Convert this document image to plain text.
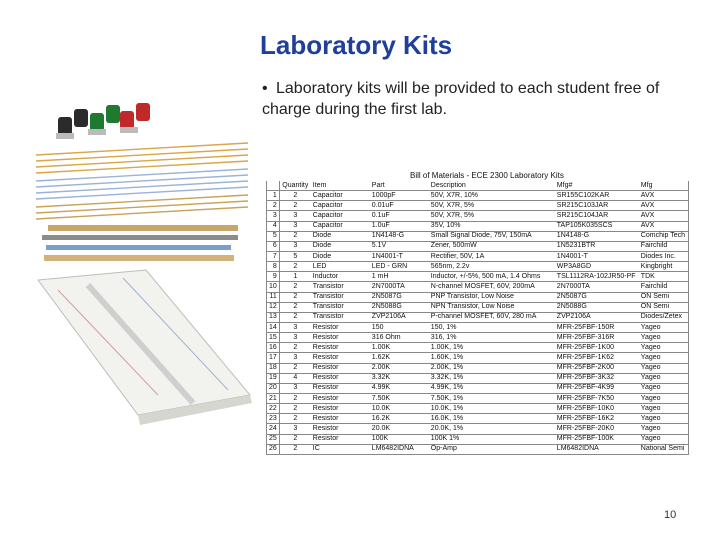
Laboratory Kits
• Laboratory kits will be provided to each student free of charge during the first lab.
Bill of Materials - ECE 2300 Laboratory Kits
	Quantity	Item	Part	Description	Mfg#	Mfg
1	2	Capacitor	1000pF	50V, X7R, 10%	SR155C102KAR	AVX
2	2	Capacitor	0.01uF	50V, X7R, 5%	SR215C103JAR	AVX
3	3	Capacitor	0.1uF	50V, X7R, 5%	SR215C104JAR	AVX
4	3	Capacitor	1.0uF	35V, 10%	TAP105K035SCS	AVX
5	2	Diode	1N4148-G	Small Signal Diode, 75V, 150mA	1N4148-G	Comchip Tech
6	3	Diode	5.1V	Zener, 500mW	1N5231BTR	Fairchild
7	5	Diode	1N4001-T	Rectifier, 50V, 1A	1N4001-T	Diodes Inc.
8	2	LED	LED - GRN	565nm, 2.2v	WP3A8GD	Kingbright
9	1	Inductor	1 mH	Inductor, +/-5%, 500 mA, 1.4 Ohms	TSL1112RA-102JR50-PF	TDK
10	2	Transistor	2N7000TA	N-channel MOSFET, 60V, 200mA	2N7000TA	Fairchild
11	2	Transistor	2N5087G	PNP Transistor, Low Noise	2N5087G	ON Semi
12	2	Transistor	2N5088G	NPN Transistor, Low Noise	2N5088G	ON Semi
13	2	Transistor	ZVP2106A	P-channel MOSFET, 60V, 280 mA	ZVP2106A	Diodes/Zetex
14	3	Resistor	150	150, 1%	MFR-25FBF-150R	Yageo
15	3	Resistor	316 Ohm	316, 1%	MFR-25FBF-316R	Yageo
16	2	Resistor	1.00K	1.00K, 1%	MFR-25FBF-1K00	Yageo
17	3	Resistor	1.62K	1.60K, 1%	MFR-25FBF-1K62	Yageo
18	2	Resistor	2.00K	2.00K, 1%	MFR-25FBF-2K00	Yageo
19	4	Resistor	3.32K	3.32K, 1%	MFR-25FBF-3K32	Yageo
20	3	Resistor	4.99K	4.99K, 1%	MFR-25FBF-4K99	Yageo
21	2	Resistor	7.50K	7.50K, 1%	MFR-25FBF-7K50	Yageo
22	2	Resistor	10.0K	10.0K, 1%	MFR-25FBF-10K0	Yageo
23	2	Resistor	16.2K	16.0K, 1%	MFR-25FBF-16K2	Yageo
24	3	Resistor	20.0K	20.0K, 1%	MFR-25FBF-20K0	Yageo
25	2	Resistor	100K	100K 1%	MFR-25FBF-100K	Yageo
26	2	IC	LM6482IDNA	Op-Amp	LM6482IDNA	National Semi
10
